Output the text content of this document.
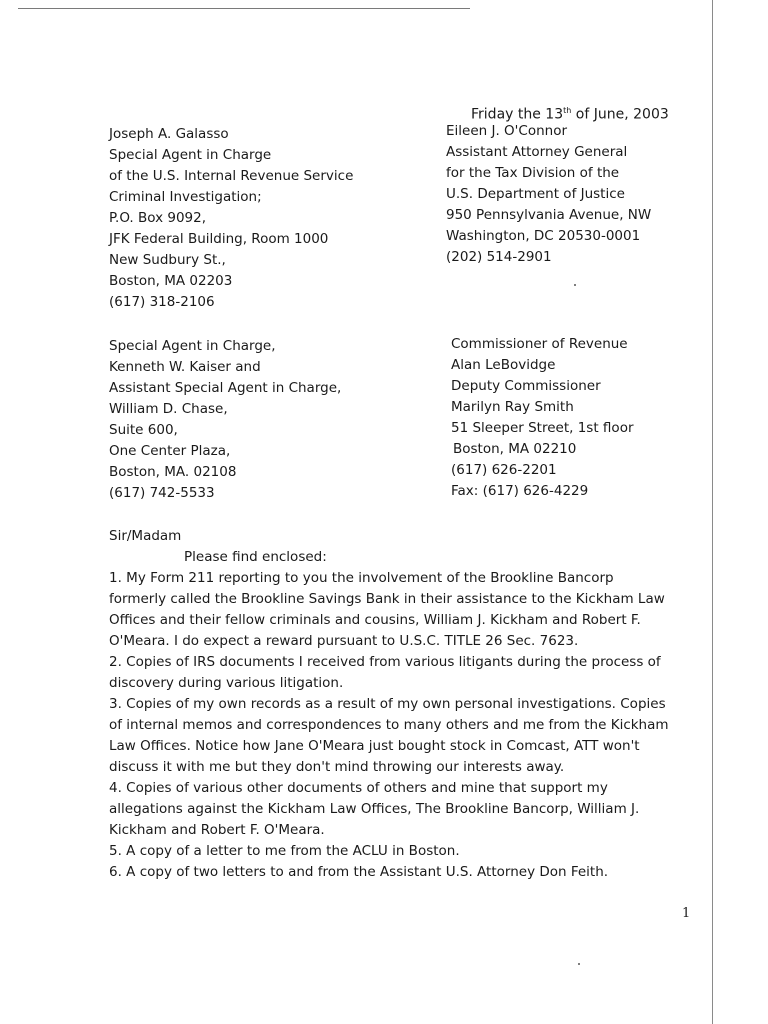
Friday the 13th of June, 2003
Joseph A. Galasso
Special Agent in Charge
of the U.S. Internal Revenue Service
Criminal Investigation;
P.O. Box 9092,
JFK Federal Building, Room 1000
New Sudbury St.,
Boston, MA 02203
(617) 318-2106
Eileen J. O'Connor
Assistant Attorney General
for the Tax Division of the
U.S. Department of Justice
950 Pennsylvania Avenue, NW
Washington, DC 20530-0001
(202) 514-2901
Special Agent in Charge,
Kenneth W. Kaiser and
Assistant Special Agent in Charge,
William D. Chase,
Suite 600,
One Center Plaza,
Boston, MA. 02108
(617) 742-5533
Commissioner of Revenue
Alan LeBovidge
Deputy Commissioner
Marilyn Ray Smith
51 Sleeper Street, 1st floor
Boston, MA 02210
(617) 626-2201
Fax: (617) 626-4229
Sir/Madam
Please find enclosed:
1. My Form 211 reporting to you the involvement of the Brookline Bancorp
formerly called the Brookline Savings Bank in their assistance to the Kickham Law
Offices and their fellow criminals and cousins, William J. Kickham and Robert F.
O'Meara. I do expect a reward pursuant to U.S.C. TITLE 26 Sec. 7623.
2. Copies of IRS documents I received from various litigants during the process of
discovery during various litigation.
3. Copies of my own records as a result of my own personal investigations. Copies
of internal memos and correspondences to many others and me from the Kickham
Law Offices. Notice how Jane O'Meara just bought stock in Comcast, ATT won't
discuss it with me but they don't mind throwing our interests away.
4. Copies of various other documents of others and mine that support my
allegations against the Kickham Law Offices, The Brookline Bancorp, William J.
Kickham and Robert F. O'Meara.
5. A copy of a letter to me from the ACLU in Boston.
6. A copy of two letters to and from the Assistant U.S. Attorney Don Feith.
1
